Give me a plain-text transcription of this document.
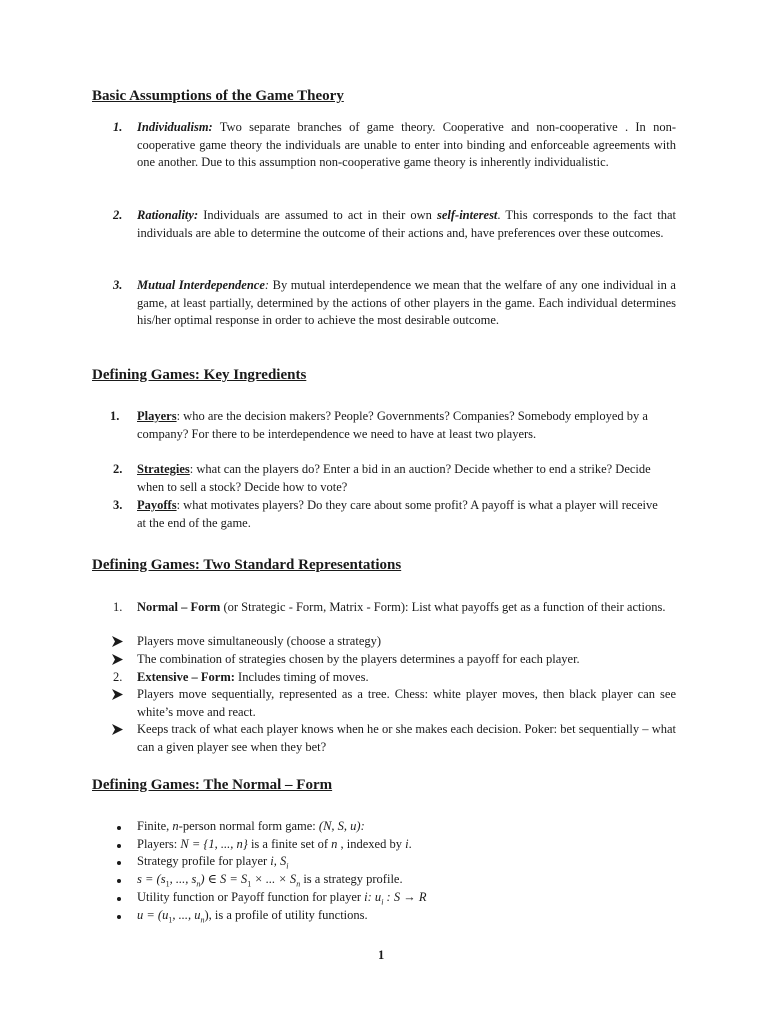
Basic Assumptions of the Game Theory
1. Individualism: Two separate branches of game theory. Cooperative and non-cooperative . In non-cooperative game theory the individuals are unable to enter into binding and enforceable agreements with one another. Due to this assumption non-cooperative game theory is inherently individualistic.
2. Rationality: Individuals are assumed to act in their own self-interest. This corresponds to the fact that individuals are able to determine the outcome of their actions and, have preferences over these outcomes.
3. Mutual Interdependence: By mutual interdependence we mean that the welfare of any one individual in a game, at least partially, determined by the actions of other players in the game. Each individual determines his/her optimal response in order to achieve the most desirable outcome.
Defining Games: Key Ingredients
1. Players: who are the decision makers? People? Governments? Companies? Somebody employed by a company? For there to be interdependence we need to have at least two players.
2. Strategies: what can the players do? Enter a bid in an auction? Decide whether to end a strike? Decide when to sell a stock? Decide how to vote?
3. Payoffs: what motivates players? Do they care about some profit? A payoff is what a player will receive at the end of the game.
Defining Games: Two Standard Representations
1. Normal – Form (or Strategic - Form, Matrix - Form): List what payoffs get as a function of their actions.
Players move simultaneously (choose a strategy)
The combination of strategies chosen by the players determines a payoff for each player.
2. Extensive – Form: Includes timing of moves.
Players move sequentially, represented as a tree. Chess: white player moves, then black player can see white’s move and react.
Keeps track of what each player knows when he or she makes each decision. Poker: bet sequentially – what can a given player see when they bet?
Defining Games: The Normal – Form
Finite, n-person normal form game: (N, S, u):
Players: N = {1, ..., n} is a finite set of n , indexed by i.
Strategy profile for player i, $S_i$
$s = (s_1$, ..., $s_n$) ∈ $S = S_1$ × ... × $S_n$ is a strategy profile.
Utility function or Payoff function for player i: $u_i$ : S → R
$u = (u_1$, ..., $u_n$), is a profile of utility functions.
1
